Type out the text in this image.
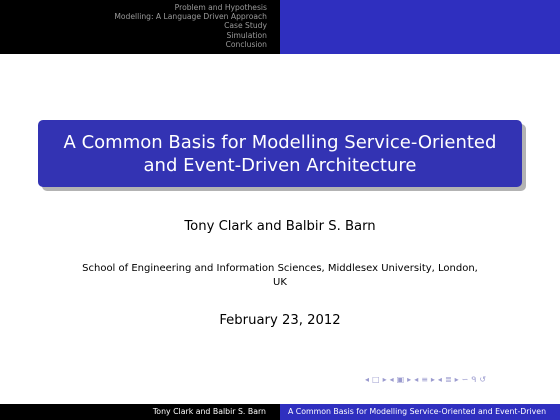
Problem and Hypothesis
Modelling: A Language Driven Approach
Case Study
Simulation
Conclusion
A Common Basis for Modelling Service-Oriented
and Event-Driven Architecture
Tony Clark and Balbir S. Barn
School of Engineering and Information Sciences, Middlesex University, London,
UK
February 23, 2012
◂ □ ▸ ◂ ▣ ▸ ◂ ≡ ▸ ◂ ≣ ▸ ∽ ᑫ ↺
Tony Clark and Balbir S. Barn	A Common Basis for Modelling Service-Oriented and Event-Driven
